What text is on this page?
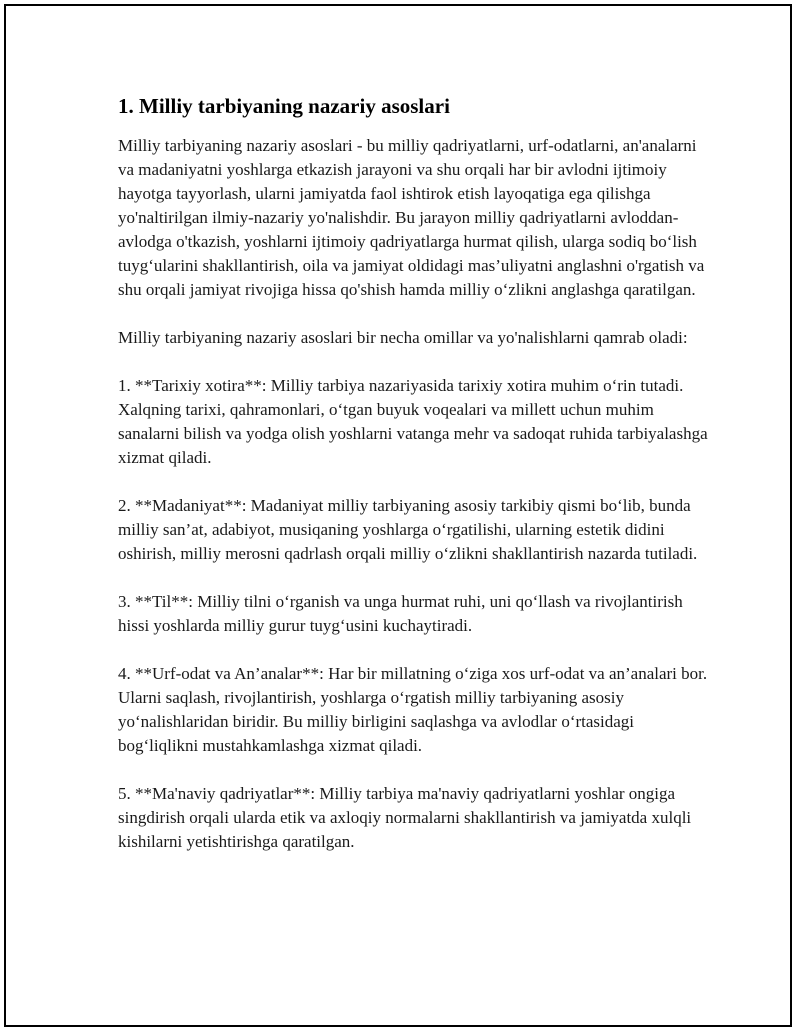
1. Milliy tarbiyaning nazariy asoslari

Milliy tarbiyaning nazariy asoslari - bu milliy qadriyatlarni, urf-odatlarni, an'analarni va madaniyatni yoshlarga etkazish jarayoni va shu orqali har bir avlodni ijtimoiy hayotga tayyorlash, ularni jamiyatda faol ishtirok etish layoqatiga ega qilishga yo'naltirilgan ilmiy-nazariy yo'nalishdir. Bu jarayon milliy qadriyatlarni avloddan-avlodga o'tkazish, yoshlarni ijtimoiy qadriyatlarga hurmat qilish, ularga sodiq bo‘lish tuyg‘ularini shakllantirish, oila va jamiyat oldidagi mas’uliyatni anglashni o'rgatish va shu orqali jamiyat rivojiga hissa qo'shish hamda milliy o‘zlikni anglashga qaratilgan.

Milliy tarbiyaning nazariy asoslari bir necha omillar va yo'nalishlarni qamrab oladi:

1. **Tarixiy xotira**: Milliy tarbiya nazariyasida tarixiy xotira muhim o‘rin tutadi. Xalqning tarixi, qahramonlari, o‘tgan buyuk voqealari va millett uchun muhim sanalarni bilish va yodga olish yoshlarni vatanga mehr va sadoqat ruhida tarbiyalashga xizmat qiladi.

2. **Madaniyat**: Madaniyat milliy tarbiyaning asosiy tarkibiy qismi bo‘lib, bunda milliy san’at, adabiyot, musiqaning yoshlarga o‘rgatilishi, ularning estetik didini oshirish, milliy merosni qadrlash orqali milliy o‘zlikni shakllantirish nazarda tutiladi.

3. **Til**: Milliy tilni o‘rganish va unga hurmat ruhi, uni qo‘llash va rivojlantirish hissi yoshlarda milliy gurur tuyg‘usini kuchaytiradi.

4. **Urf-odat va An’analar**: Har bir millatning o‘ziga xos urf-odat va an’analari bor. Ularni saqlash, rivojlantirish, yoshlarga o‘rgatish milliy tarbiyaning asosiy yo‘nalishlaridan biridir. Bu milliy birligini saqlashga va avlodlar o‘rtasidagi bog‘liqlikni mustahkamlashga xizmat qiladi.

5. **Ma'naviy qadriyatlar**: Milliy tarbiya ma'naviy qadriyatlarni yoshlar ongiga singdirish orqali ularda etik va axloqiy normalarni shakllantirish va jamiyatda xulqli kishilarni yetishtirishga qaratilgan.
